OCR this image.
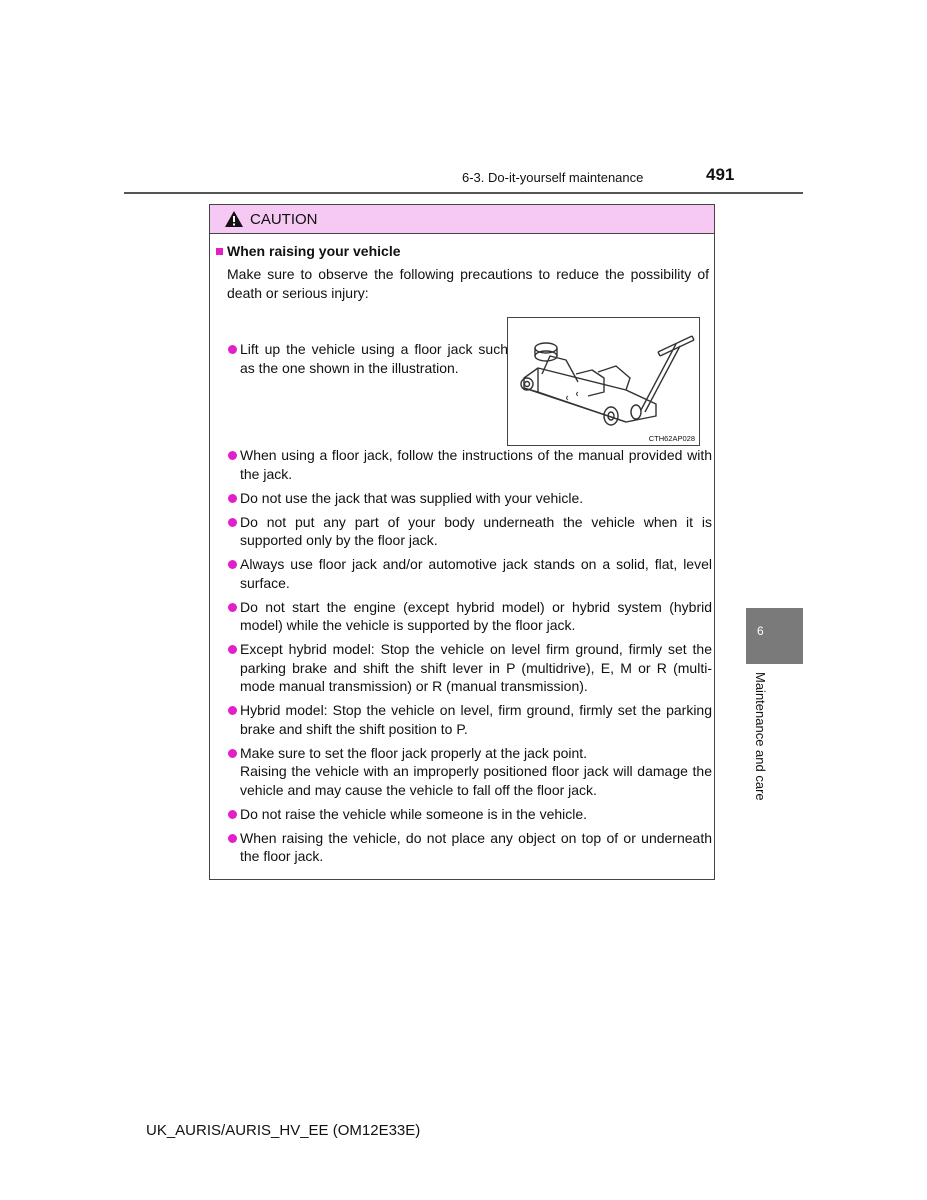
6-3. Do-it-yourself maintenance	491
CAUTION
When raising your vehicle
Make sure to observe the following precautions to reduce the possibility of death or serious injury:
Lift up the vehicle using a floor jack such as the one shown in the illustration.
CTH62AP028
When using a floor jack, follow the instructions of the manual provided with the jack.
Do not use the jack that was supplied with your vehicle.
Do not put any part of your body underneath the vehicle when it is supported only by the floor jack.
Always use floor jack and/or automotive jack stands on a solid, flat, level surface.
Do not start the engine (except hybrid model) or hybrid system (hybrid model) while the vehicle is supported by the floor jack.
Except hybrid model: Stop the vehicle on level firm ground, firmly set the parking brake and shift the shift lever in P (multidrive), E, M or R (multi-mode manual transmission) or R (manual transmission).
Hybrid model: Stop the vehicle on level, firm ground, firmly set the parking brake and shift the shift position to P.
Make sure to set the floor jack properly at the jack point.
Raising the vehicle with an improperly positioned floor jack will damage the vehicle and may cause the vehicle to fall off the floor jack.
Do not raise the vehicle while someone is in the vehicle.
When raising the vehicle, do not place any object on top of or underneath the floor jack.
6
Maintenance and care
UK_AURIS/AURIS_HV_EE (OM12E33E)
